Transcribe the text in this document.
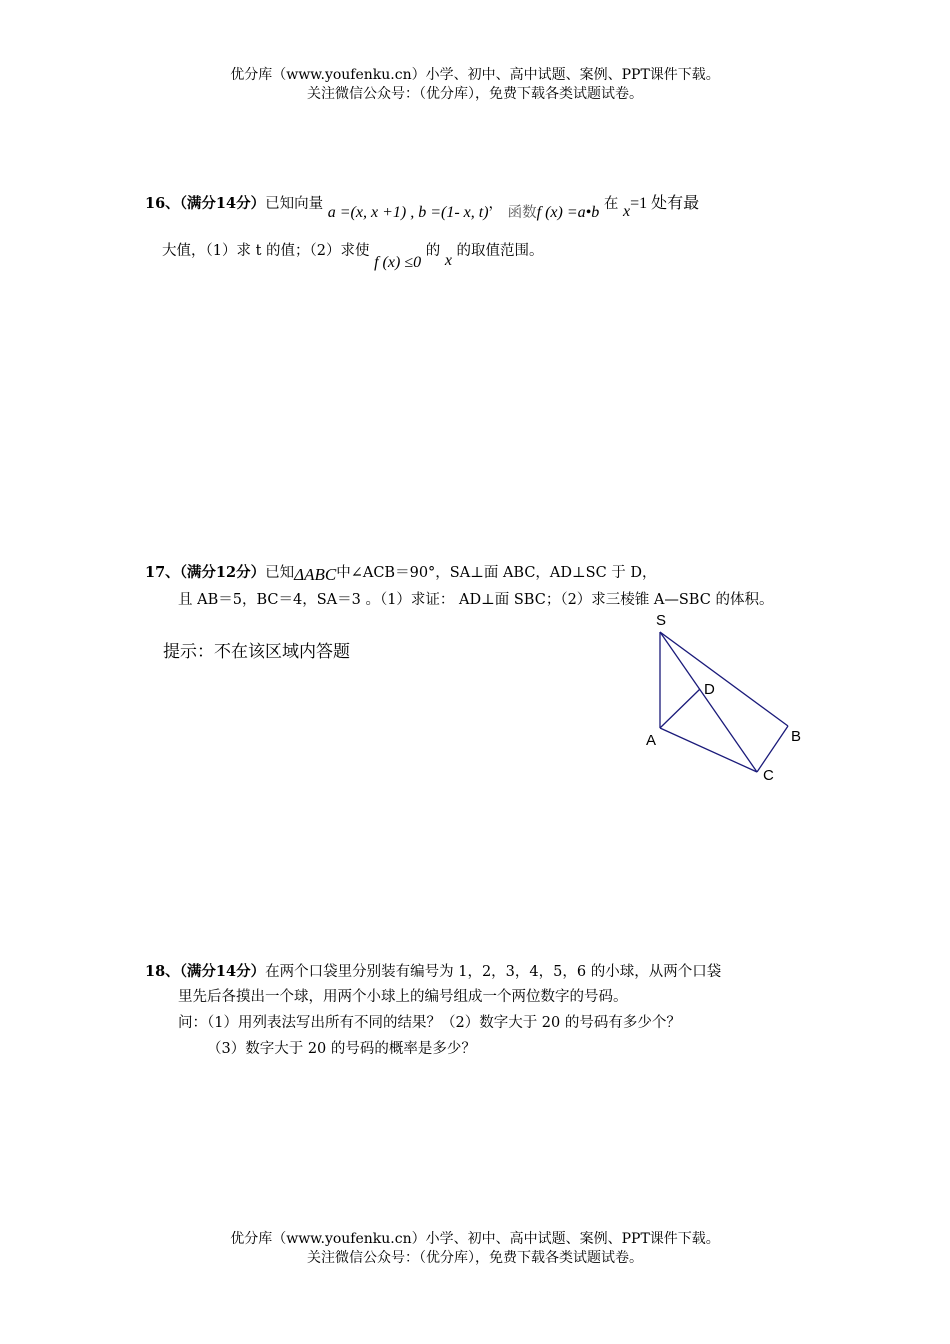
优分库（www.youfenku.cn）小学、初中、高中试题、案例、PPT课件下载。
关注微信公众号：（优分库），免费下载各类试题试卷。
16、（满分14分）已知向量 a =(x, x +1) , b =(1- x, t)， 函数f (x) =a•b 在 x=1 处有最
大值，（1）求 t 的值；（2）求使 f (x) ≤0 的 x 的取值范围。
17、（满分12分）已知ΔABC中∠ACB＝90°，SA⊥面 ABC，AD⊥SC 于 D，
且 AB＝5，BC＝4，SA＝3 。（1）求证： AD⊥面 SBC；（2）求三棱锥 A—SBC 的体积。
提示：不在该区域内答题
S
D
A	B
C
18、（满分14分）在两个口袋里分别装有编号为 1，2，3，4，5，6 的小球，从两个口袋
里先后各摸出一个球，用两个小球上的编号组成一个两位数字的号码。
问：（1）用列表法写出所有不同的结果？（2）数字大于 20 的号码有多少个？
（3）数字大于 20 的号码的概率是多少？
优分库（www.youfenku.cn）小学、初中、高中试题、案例、PPT课件下载。
关注微信公众号：（优分库），免费下载各类试题试卷。
